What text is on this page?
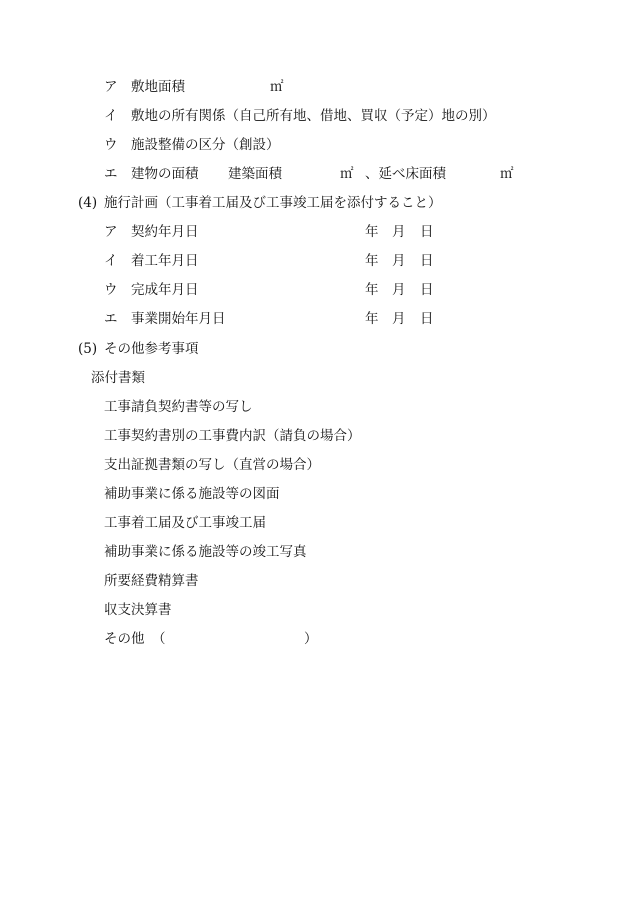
ア 敷地面積	㎡
イ 敷地の所有関係（自己所有地、借地、買収（予定）地の別）
ウ 施設整備の区分（創設）
エ 建物の面積 建築面積	㎡ 、延べ床面積	㎡
(4) 施行計画（工事着工届及び工事竣工届を添付すること）
ア 契約年月日	年 月 日
イ 着工年月日	年 月 日
ウ 完成年月日	年 月 日
エ 事業開始年月日	年 月 日
(5) その他参考事項
添付書類
工事請負契約書等の写し
工事契約書別の工事費内訳（請負の場合）
支出証拠書類の写し（直営の場合）
補助事業に係る施設等の図面
工事着工届及び工事竣工届
補助事業に係る施設等の竣工写真
所要経費精算書
収支決算書
その他 （	）
